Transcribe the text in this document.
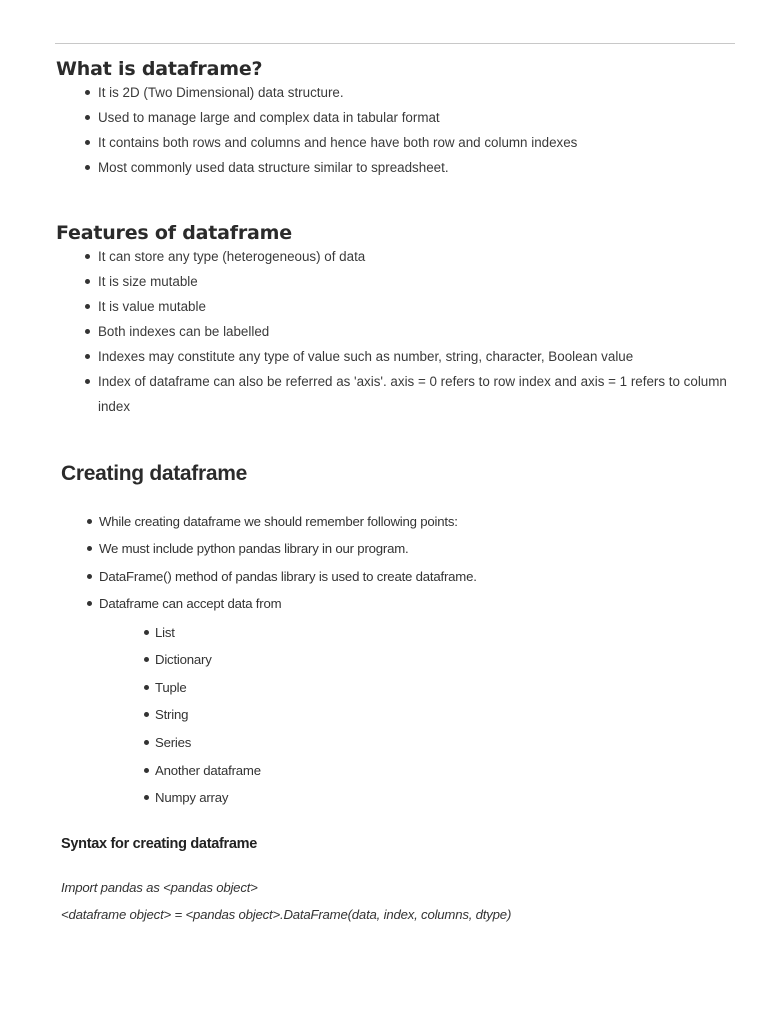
What is dataframe?
It is 2D (Two Dimensional) data structure.
Used to manage large and complex data in tabular format
It contains both rows and columns and hence have both row and column indexes
Most commonly used data structure similar to spreadsheet.
Features of dataframe
It can store any type (heterogeneous) of data
It is size mutable
It is value mutable
Both indexes can be labelled
Indexes may constitute any type of value such as number, string, character, Boolean value
Index of dataframe can also be referred as 'axis'. axis = 0 refers to row index and axis = 1 refers to column index
Creating dataframe
While creating dataframe we should remember following points:
We must include python pandas library in our program.
DataFrame() method of pandas library is used to create dataframe.
Dataframe can accept data from
List
Dictionary
Tuple
String
Series
Another dataframe
Numpy array
Syntax for creating dataframe
Import pandas as <pandas object>
<dataframe object> = <pandas object>.DataFrame(data, index, columns, dtype)
